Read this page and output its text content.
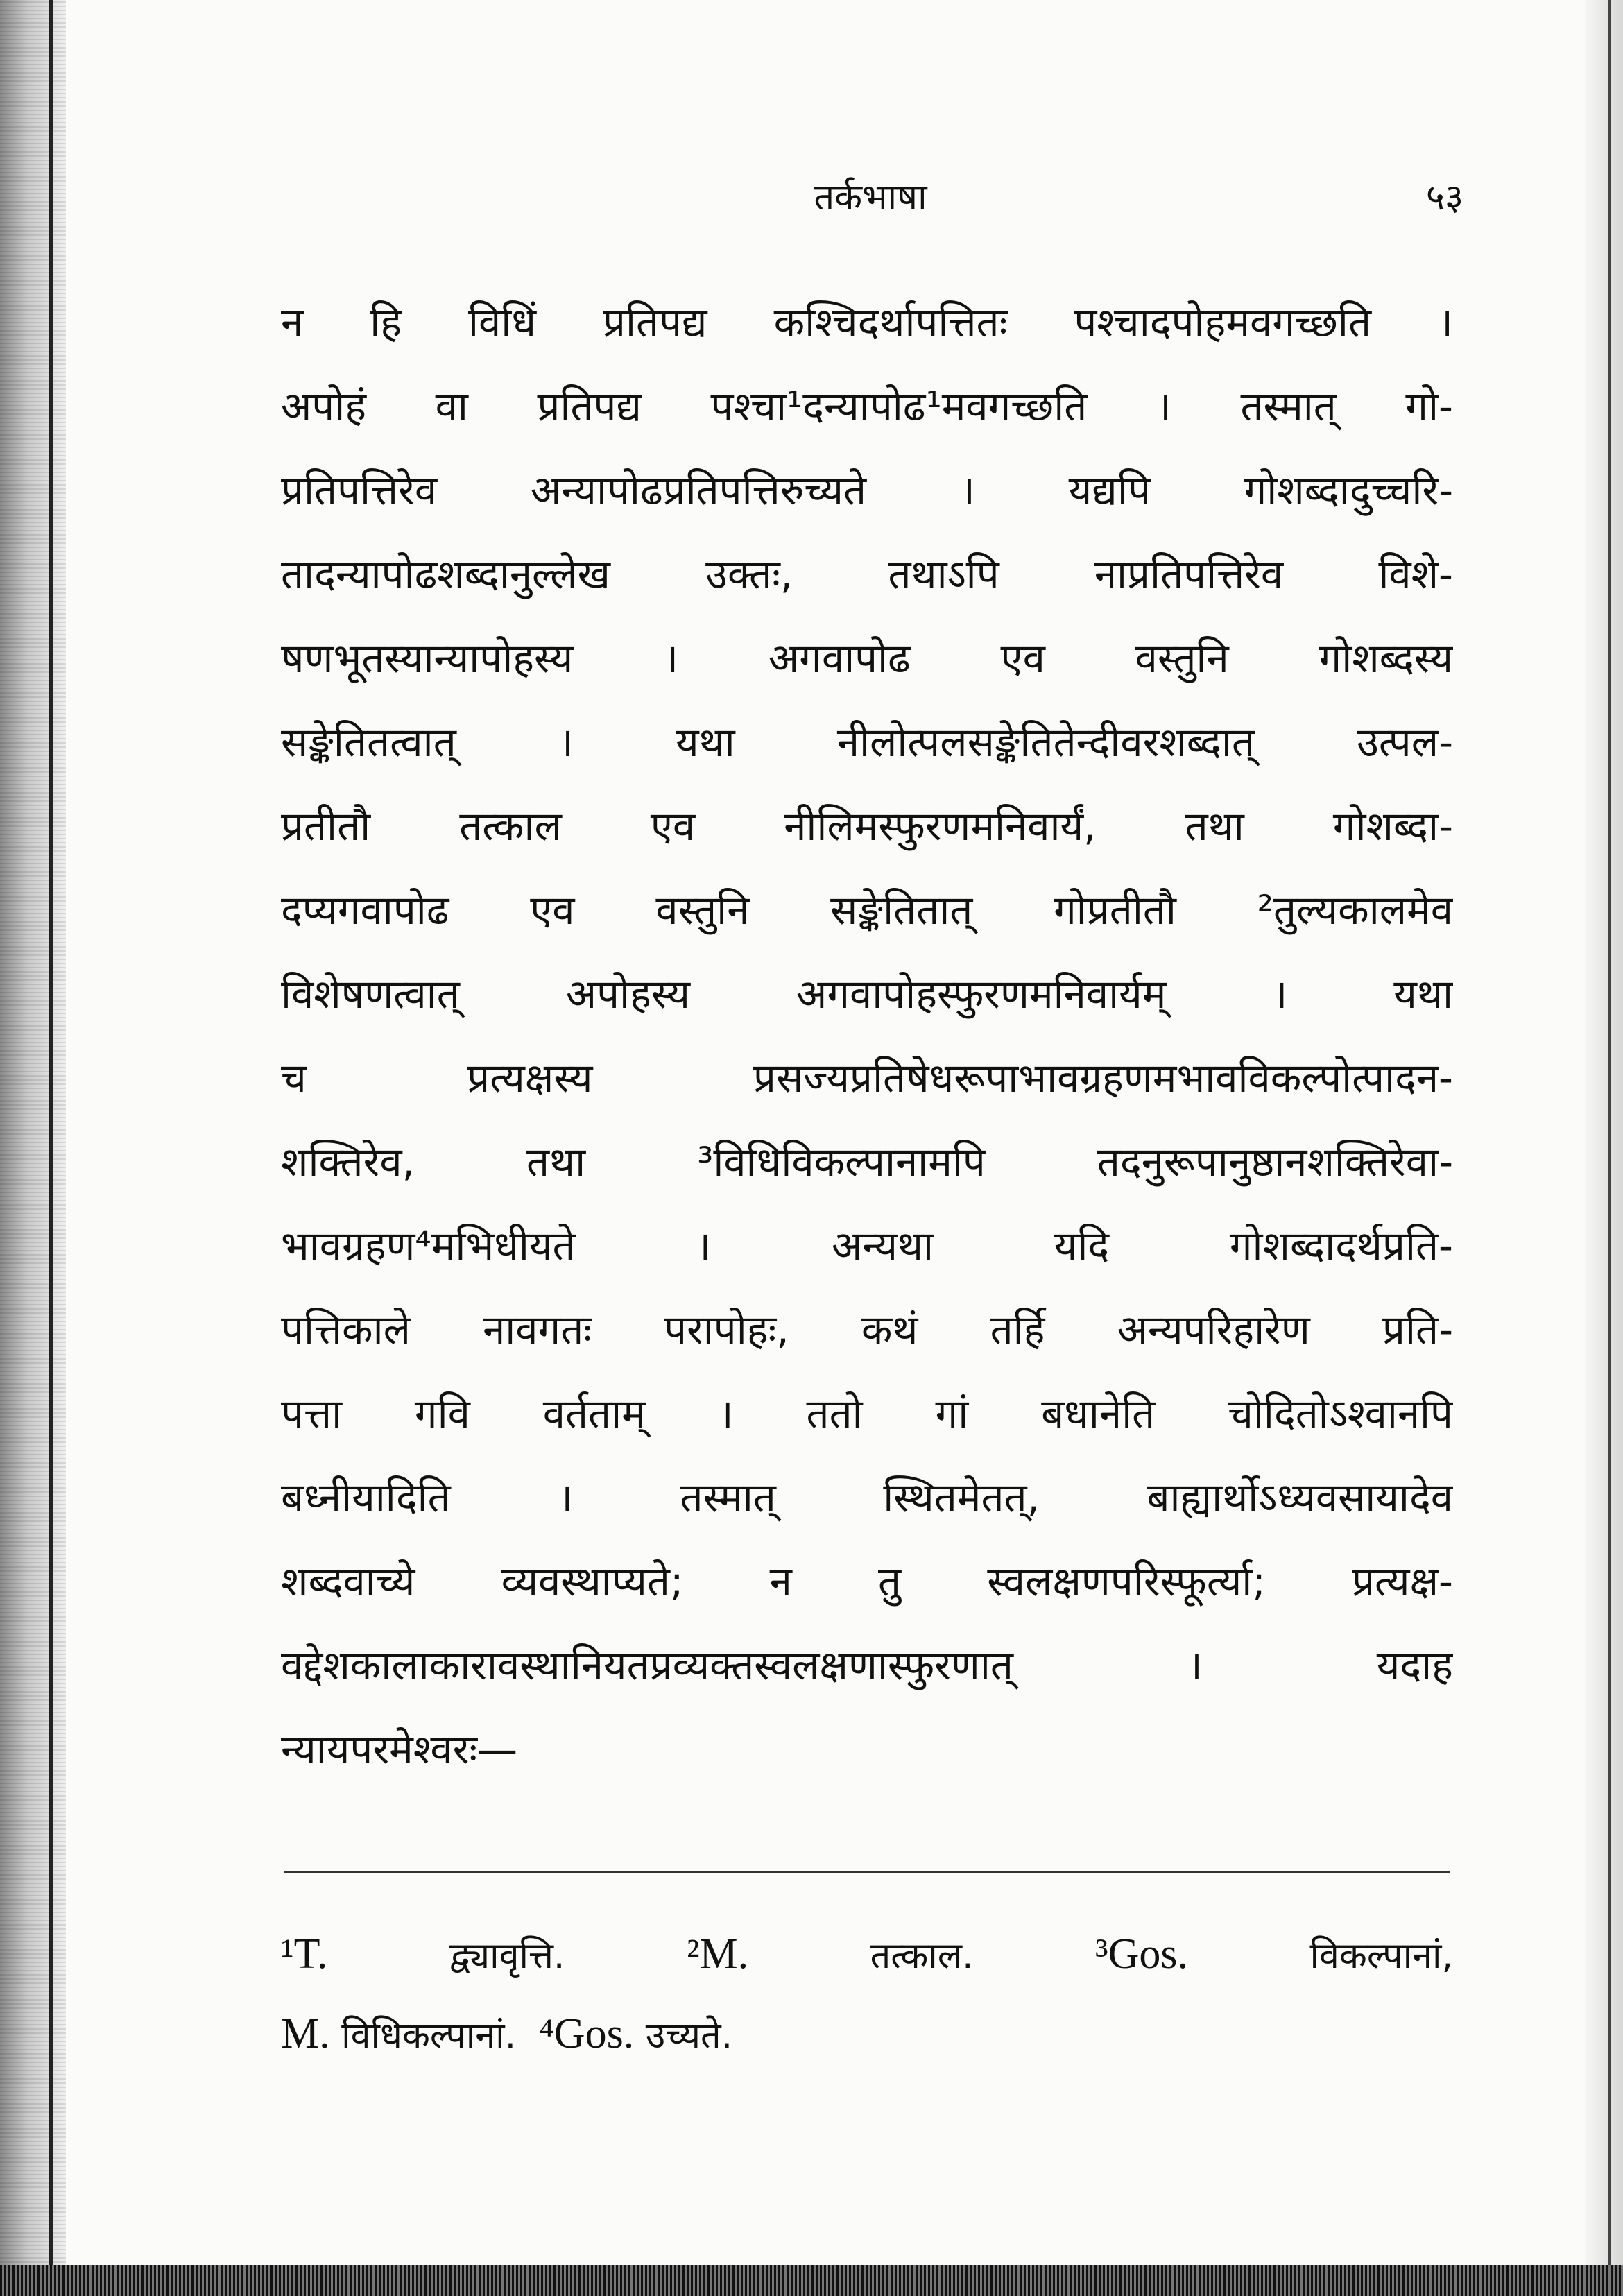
तर्कभाषा	५३
न हि विधिं प्रतिपद्य कश्चिदर्थापत्तितः पश्चादपोहमवगच्छति ।
अपोहं वा प्रतिपद्य पश्चा¹दन्यापोढ¹मवगच्छति । तस्मात् गो-
प्रतिपत्तिरेव अन्यापोढप्रतिपत्तिरुच्यते । यद्यपि गोशब्दादुच्चरि-
तादन्यापोढशब्दानुल्लेख उक्तः, तथाऽपि नाप्रतिपत्तिरेव विशे-
षणभूतस्यान्यापोहस्य । अगवापोढ एव वस्तुनि गोशब्दस्य
सङ्केतितत्वात् । यथा नीलोत्पलसङ्केतितेन्दीवरशब्दात् उत्पल-
प्रतीतौ तत्काल एव नीलिमस्फुरणमनिवार्यं, तथा गोशब्दा-
दप्यगवापोढ एव वस्तुनि सङ्केतितात् गोप्रतीतौ ²तुल्यकालमेव
विशेषणत्वात् अपोहस्य अगवापोहस्फुरणमनिवार्यम् । यथा
च प्रत्यक्षस्य प्रसज्यप्रतिषेधरूपाभावग्रहणमभावविकल्पोत्पादन-
शक्तिरेव, तथा ³विधिविकल्पानामपि तदनुरूपानुष्ठानशक्तिरेवा-
भावग्रहण⁴मभिधीयते । अन्यथा यदि गोशब्दादर्थप्रति-
पत्तिकाले नावगतः परापोहः, कथं तर्हि अन्यपरिहारेण प्रति-
पत्ता गवि वर्तताम् । ततो गां बधानेति चोदितोऽश्वानपि
बध्नीयादिति । तस्मात् स्थितमेतत्, बाह्यार्थोऽध्यवसायादेव
शब्दवाच्ये व्यवस्थाप्यते; न तु स्वलक्षणपरिस्फूर्त्या; प्रत्यक्ष-
वद्देशकालाकारावस्थानियतप्रव्यक्तस्वलक्षणास्फुरणात् । यदाह
न्यायपरमेश्वरः—
¹T.	द्व्यावृत्ति.	²M.	तत्काल.	³Gos.	विकल्पानां,
M. विधिकल्पानां. ⁴Gos. उच्यते.
